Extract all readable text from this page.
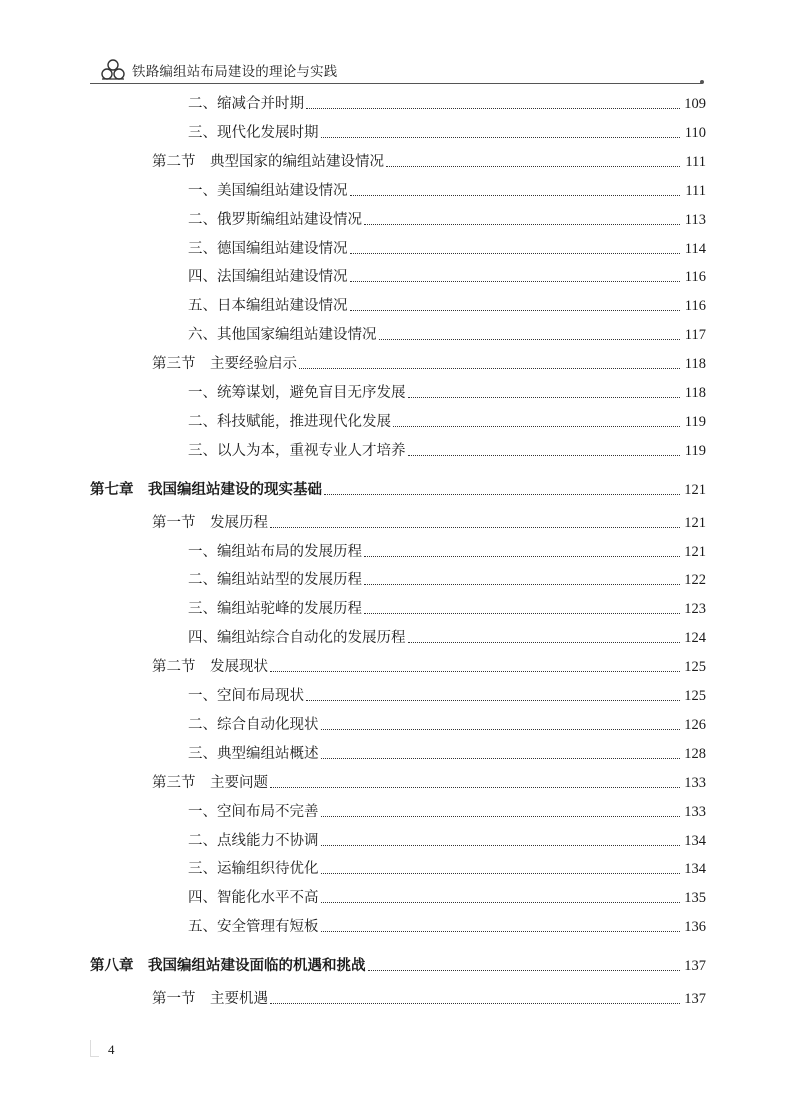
铁路编组站布局建设的理论与实践
二、缩减合并时期	109
三、现代化发展时期	110
第二节　典型国家的编组站建设情况	111
一、美国编组站建设情况	111
二、俄罗斯编组站建设情况	113
三、德国编组站建设情况	114
四、法国编组站建设情况	116
五、日本编组站建设情况	116
六、其他国家编组站建设情况	117
第三节　主要经验启示	118
一、统筹谋划，避免盲目无序发展	118
二、科技赋能，推进现代化发展	119
三、以人为本，重视专业人才培养	119
第七章　我国编组站建设的现实基础	121
第一节　发展历程	121
一、编组站布局的发展历程	121
二、编组站站型的发展历程	122
三、编组站驼峰的发展历程	123
四、编组站综合自动化的发展历程	124
第二节　发展现状	125
一、空间布局现状	125
二、综合自动化现状	126
三、典型编组站概述	128
第三节　主要问题	133
一、空间布局不完善	133
二、点线能力不协调	134
三、运输组织待优化	134
四、智能化水平不高	135
五、安全管理有短板	136
第八章　我国编组站建设面临的机遇和挑战	137
第一节　主要机遇	137
4
